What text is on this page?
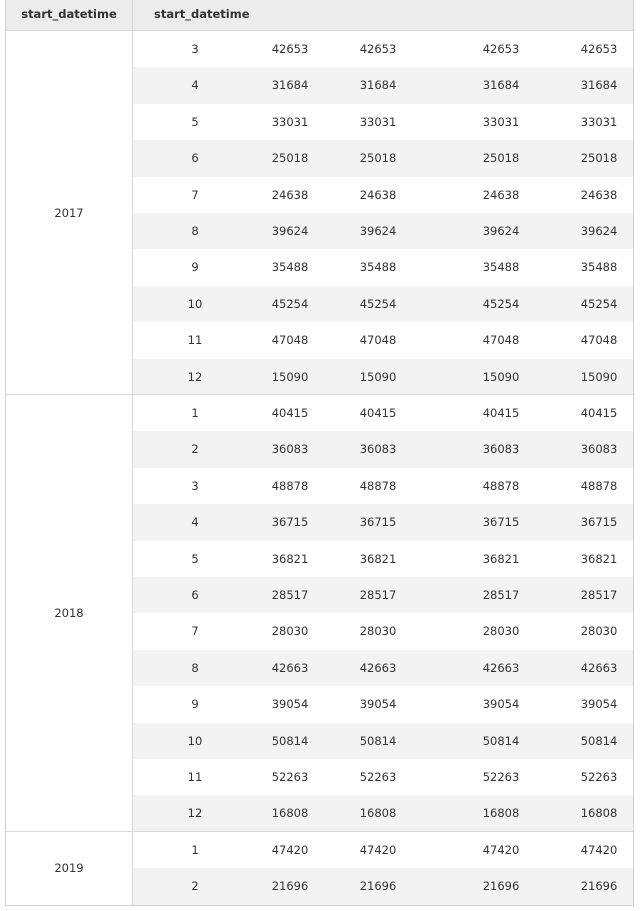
start_datetime	start_datetime
2017
3	42653	42653	42653	42653
4	31684	31684	31684	31684
5	33031	33031	33031	33031
6	25018	25018	25018	25018
7	24638	24638	24638	24638
8	39624	39624	39624	39624
9	35488	35488	35488	35488
10	45254	45254	45254	45254
11	47048	47048	47048	47048
12	15090	15090	15090	15090
2018
1	40415	40415	40415	40415
2	36083	36083	36083	36083
3	48878	48878	48878	48878
4	36715	36715	36715	36715
5	36821	36821	36821	36821
6	28517	28517	28517	28517
7	28030	28030	28030	28030
8	42663	42663	42663	42663
9	39054	39054	39054	39054
10	50814	50814	50814	50814
11	52263	52263	52263	52263
12	16808	16808	16808	16808
2019
1	47420	47420	47420	47420
2	21696	21696	21696	21696
